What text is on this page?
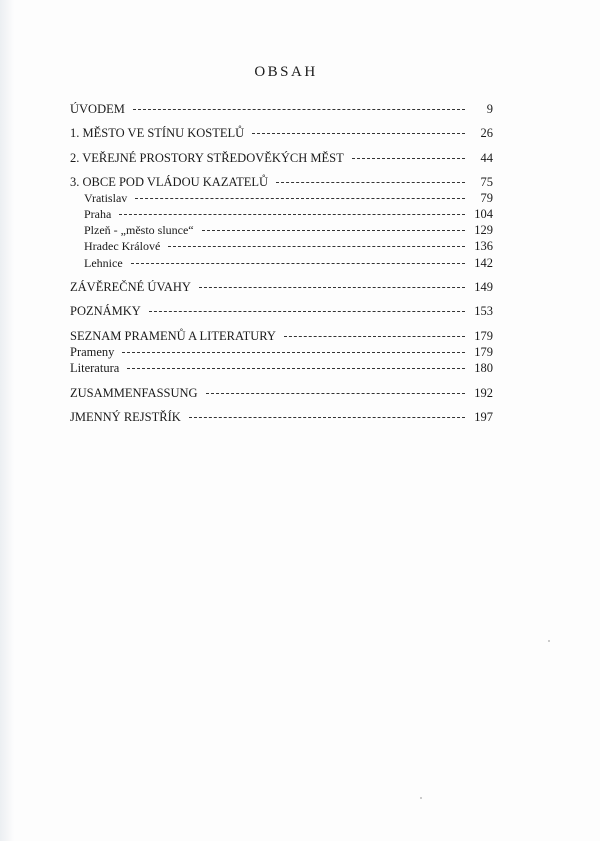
OBSAH
ÚVODEM	9
1. MĚSTO VE STÍNU KOSTELŮ	26
2. VEŘEJNÉ PROSTORY STŘEDOVĚKÝCH MĚST	44
3. OBCE POD VLÁDOU KAZATELŮ	75
Vratislav	79
Praha	104
Plzeň - „město slunce“	129
Hradec Králové	136
Lehnice	142
ZÁVĚREČNÉ ÚVAHY	149
POZNÁMKY	153
SEZNAM PRAMENŮ A LITERATURY	179
Prameny	179
Literatura	180
ZUSAMMENFASSUNG	192
JMENNÝ REJSTŘÍK	197
